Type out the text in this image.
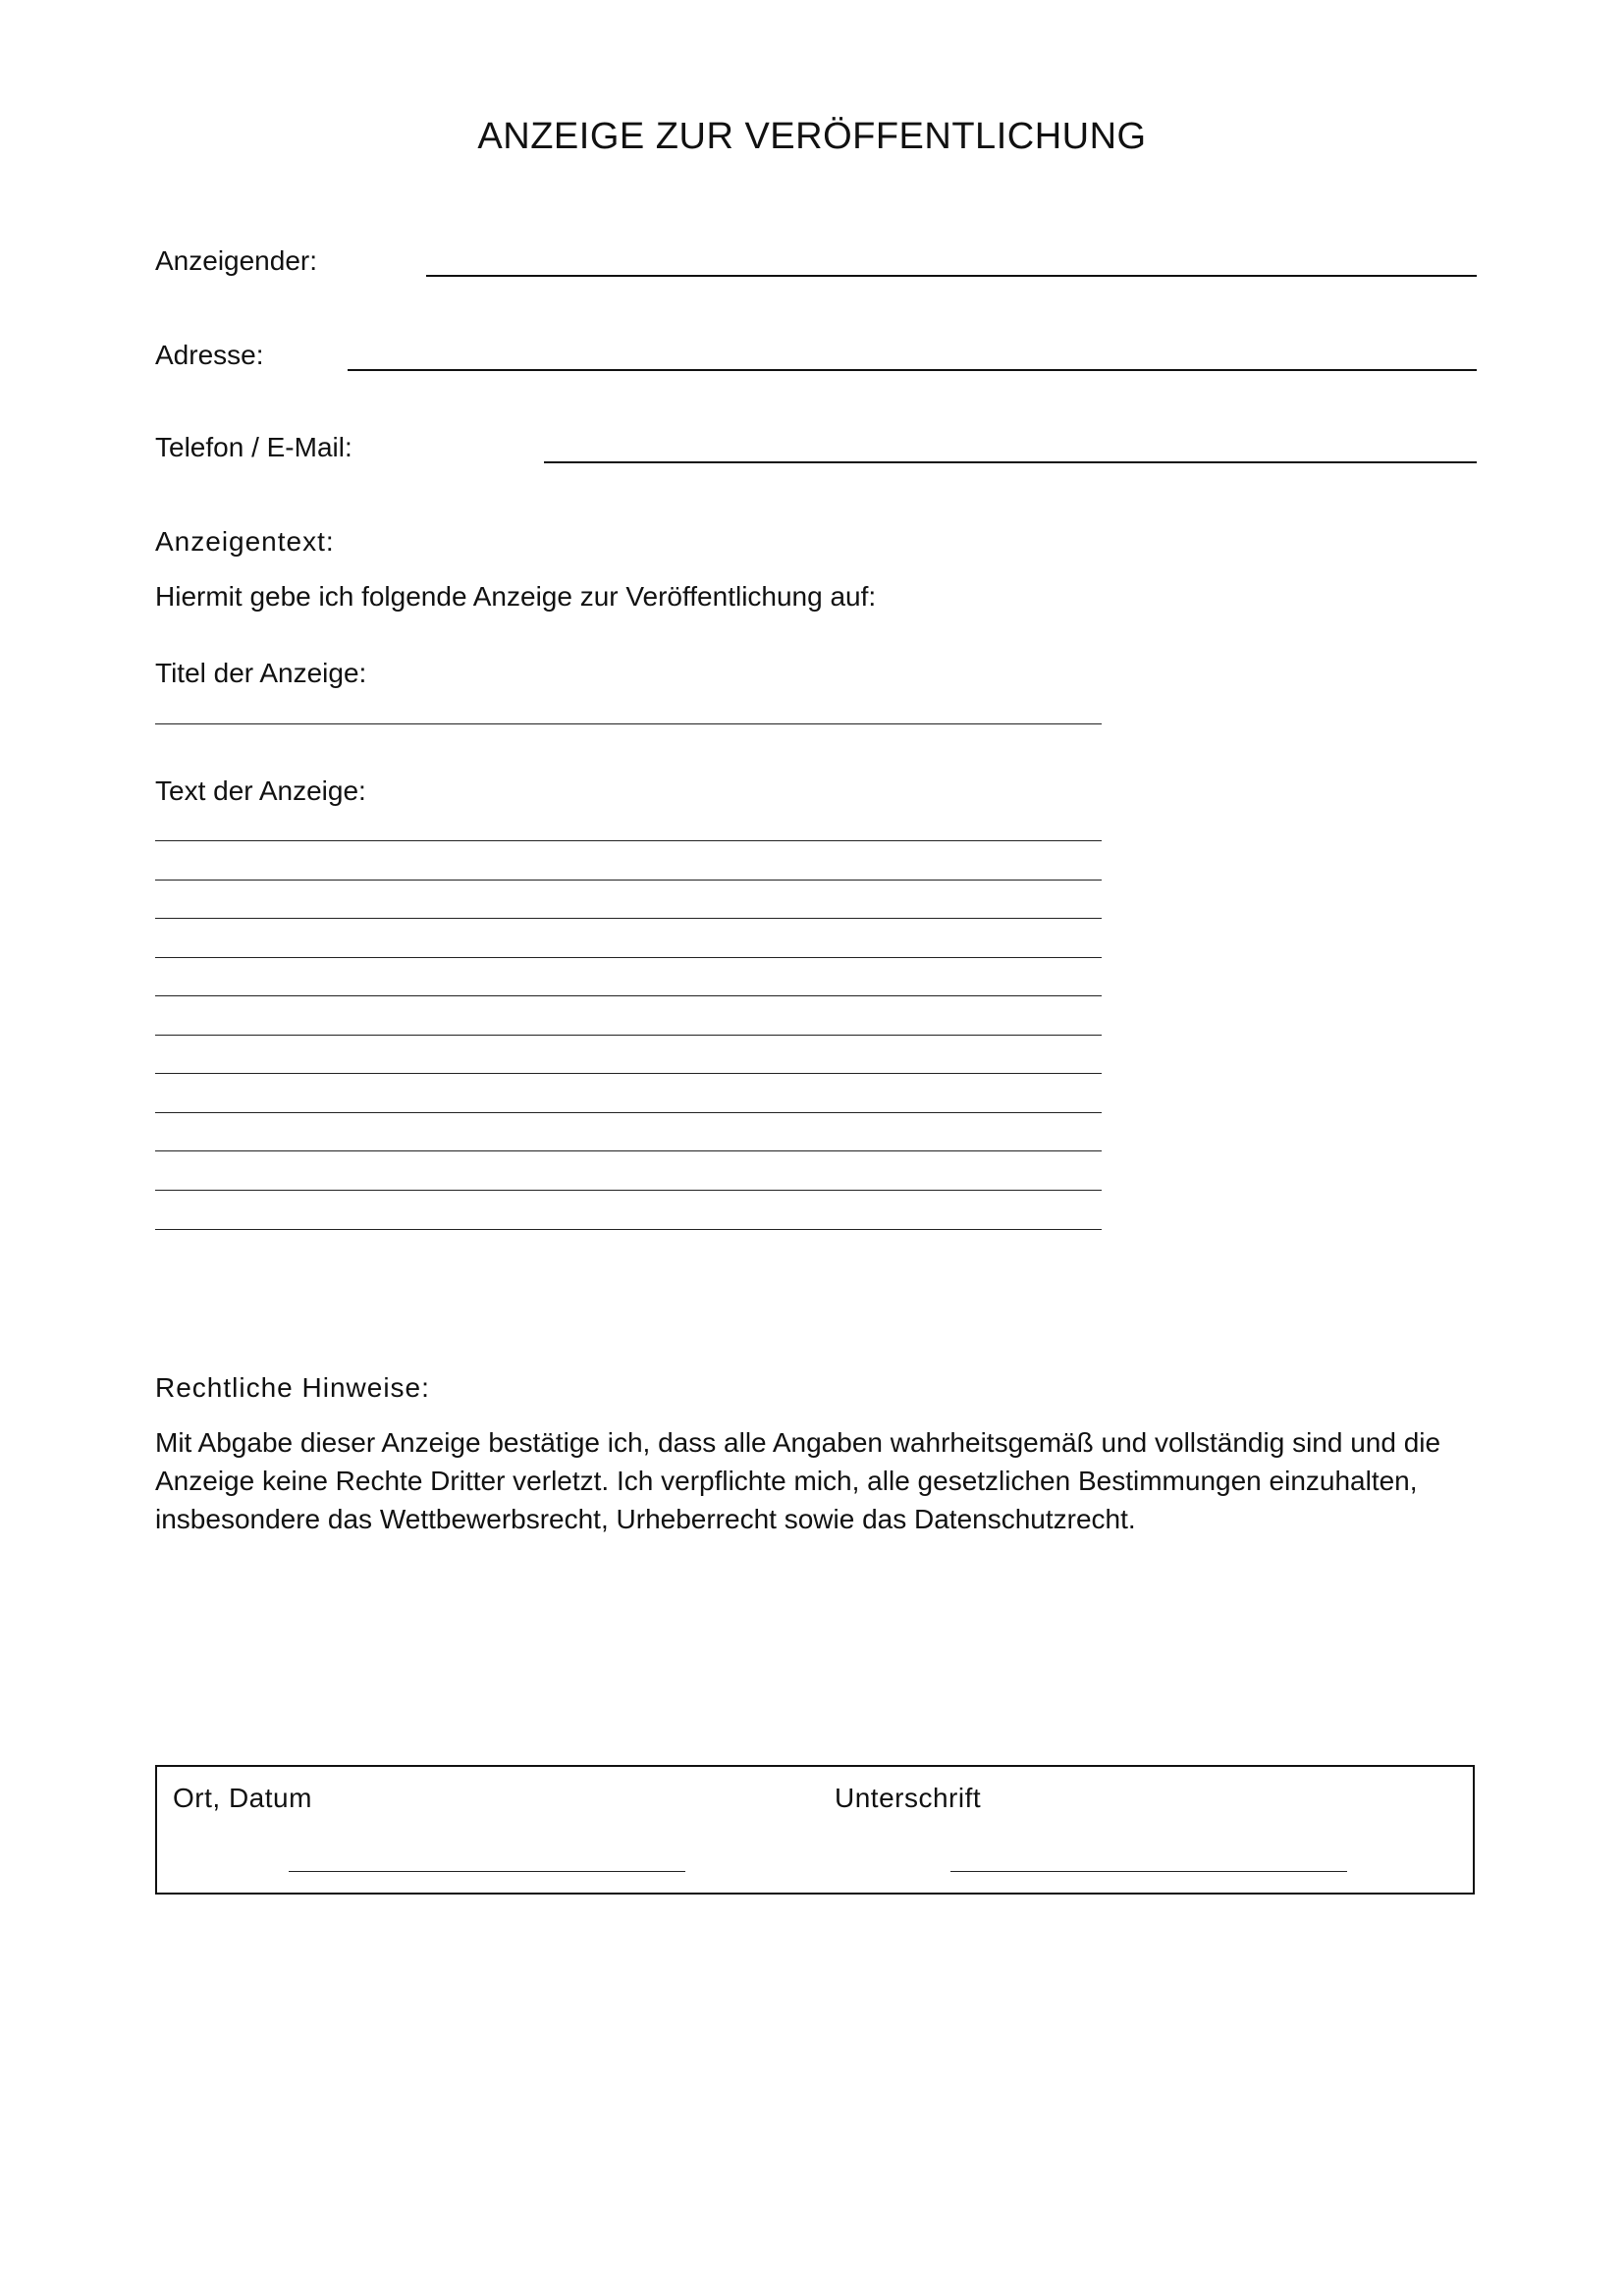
ANZEIGE ZUR VERÖFFENTLICHUNG
Anzeigender:
Adresse:
Telefon / E-Mail:
Anzeigentext:

Hiermit gebe ich folgende Anzeige zur Veröffentlichung auf:

Titel der Anzeige:

Text der Anzeige:

Rechtliche Hinweise:

Mit Abgabe dieser Anzeige bestätige ich, dass alle Angaben wahrheitsgemäß und vollständig sind und die Anzeige keine Rechte Dritter verletzt. Ich verpflichte mich, alle gesetzlichen Bestimmungen einzuhalten, insbesondere das Wettbewerbsrecht, Urheberrecht sowie das Datenschutzrecht.

Ort, Datum	Unterschrift
